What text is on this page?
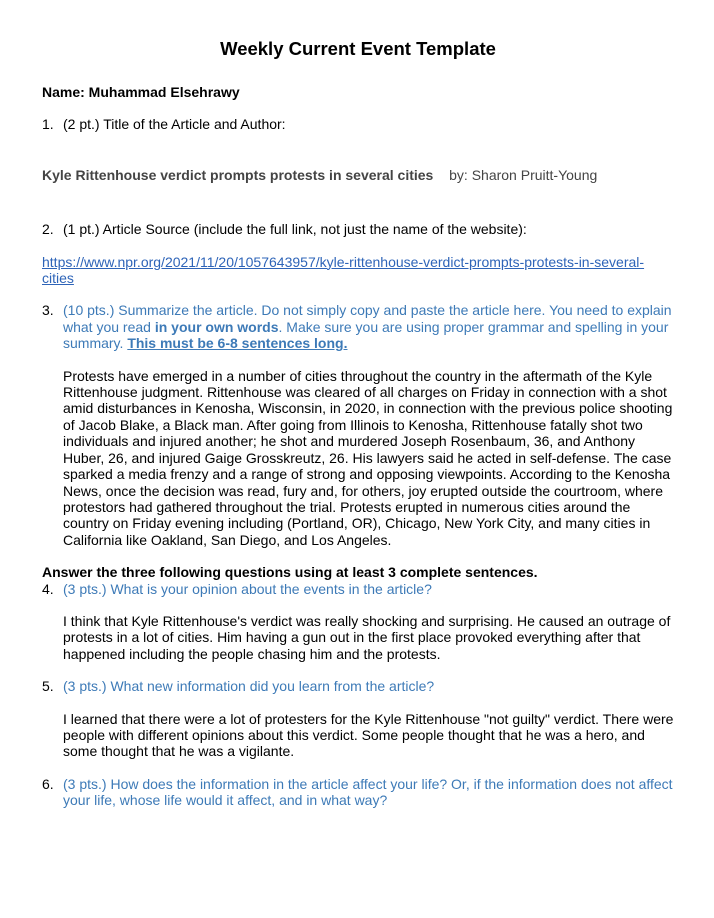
Weekly Current Event Template
Name: Muhammad Elsehrawy
1. (2 pt.) Title of the Article and Author:
Kyle Rittenhouse verdict prompts protests in several cities by: Sharon Pruitt-Young
2. (1 pt.) Article Source (include the full link, not just the name of the website):
https://www.npr.org/2021/11/20/1057643957/kyle-rittenhouse-verdict-prompts-protests-in-several-
cities
3. (10 pts.) Summarize the article. Do not simply copy and paste the article here. You need to explain what you read in your own words. Make sure you are using proper grammar and spelling in your summary. This must be 6-8 sentences long.

Protests have emerged in a number of cities throughout the country in the aftermath of the Kyle Rittenhouse judgment. Rittenhouse was cleared of all charges on Friday in connection with a shot amid disturbances in Kenosha, Wisconsin, in 2020, in connection with the previous police shooting of Jacob Blake, a Black man. After going from Illinois to Kenosha, Rittenhouse fatally shot two individuals and injured another; he shot and murdered Joseph Rosenbaum, 36, and Anthony Huber, 26, and injured Gaige Grosskreutz, 26. His lawyers said he acted in self-defense. The case sparked a media frenzy and a range of strong and opposing viewpoints. According to the Kenosha News, once the decision was read, fury and, for others, joy erupted outside the courtroom, where protestors had gathered throughout the trial. Protests erupted in numerous cities around the country on Friday evening including (Portland, OR), Chicago, New York City, and many cities in California like Oakland, San Diego, and Los Angeles.

Answer the three following questions using at least 3 complete sentences.
4. (3 pts.) What is your opinion about the events in the article?

I think that Kyle Rittenhouse's verdict was really shocking and surprising. He caused an outrage of protests in a lot of cities. Him having a gun out in the first place provoked everything after that happened including the people chasing him and the protests.

5. (3 pts.) What new information did you learn from the article?

I learned that there were a lot of protesters for the Kyle Rittenhouse "not guilty" verdict. There were people with different opinions about this verdict. Some people thought that he was a hero, and some thought that he was a vigilante.

6. (3 pts.) How does the information in the article affect your life? Or, if the information does not affect your life, whose life would it affect, and in what way?
